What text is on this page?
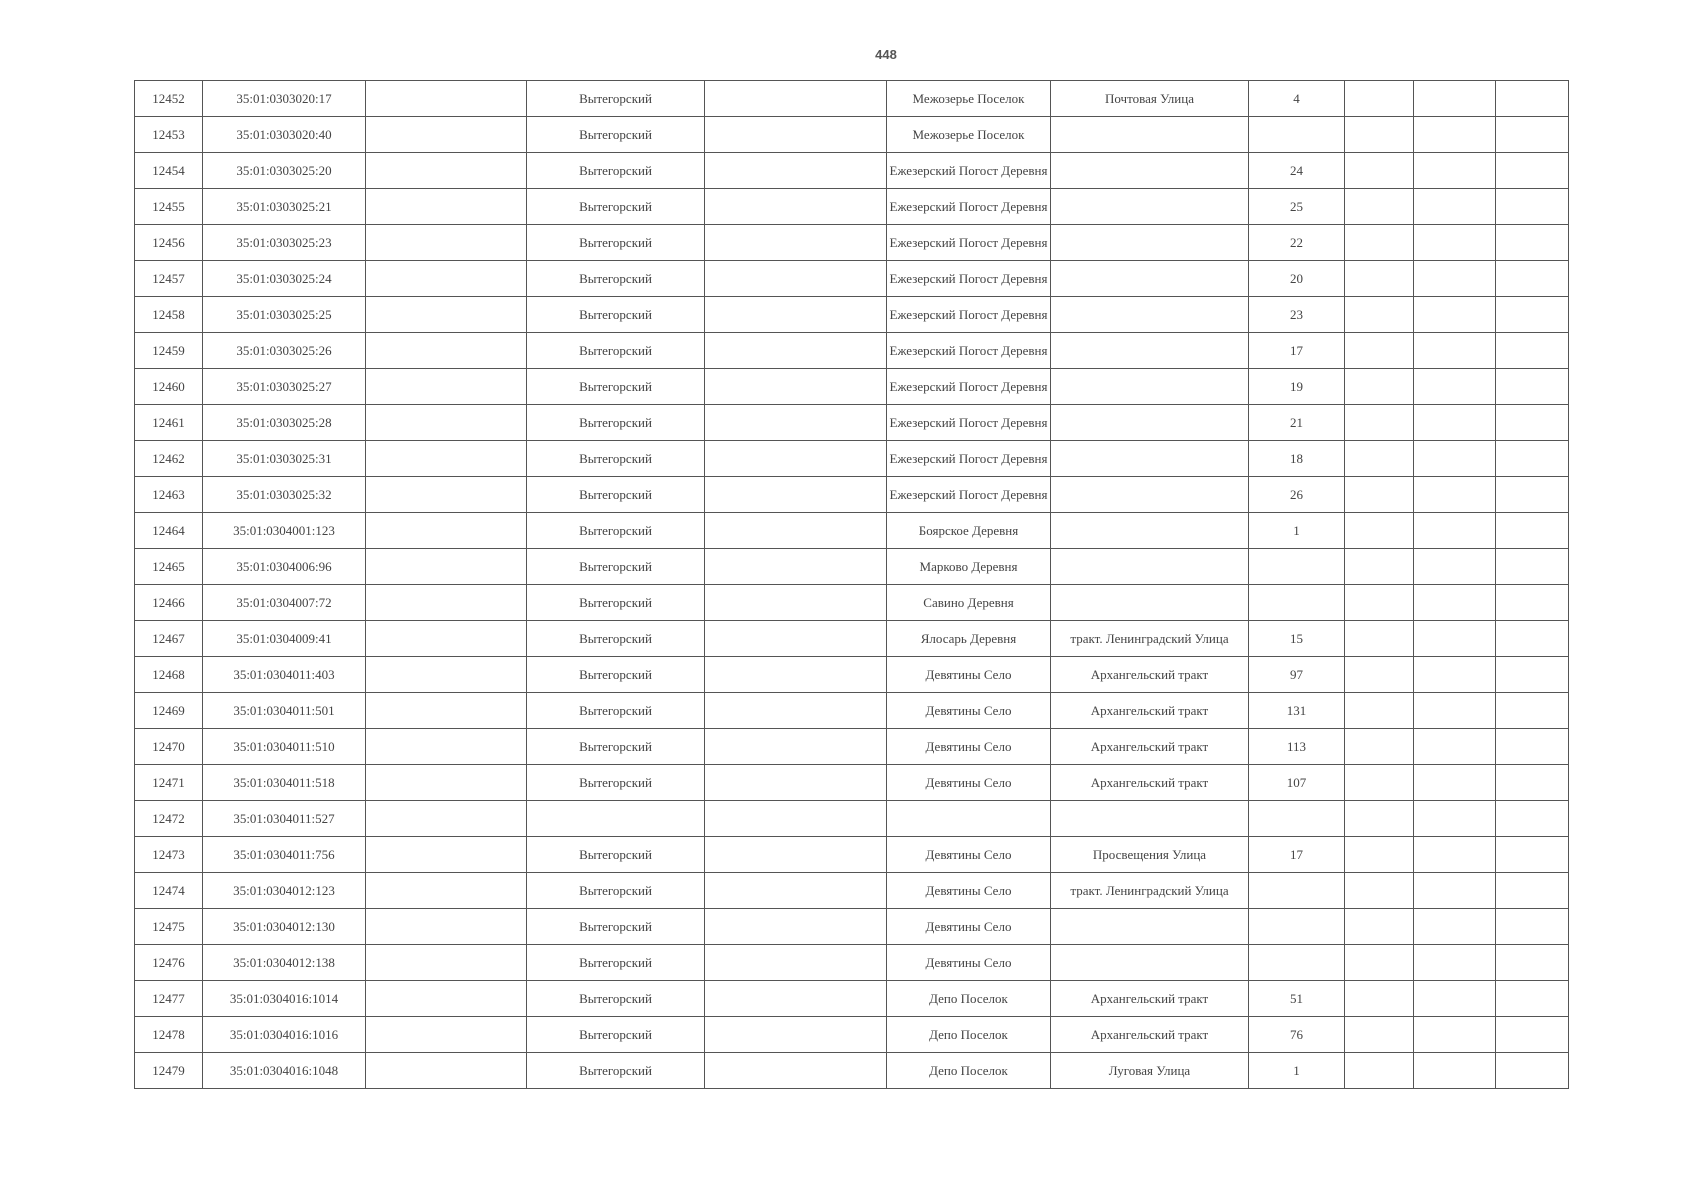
448
12452	35:01:0303020:17		Вытегорский		Межозерье Поселок	Почтовая Улица	4			
12453	35:01:0303020:40		Вытегорский		Межозерье Поселок					
12454	35:01:0303025:20		Вытегорский		Ежезерский Погост Деревня		24			
12455	35:01:0303025:21		Вытегорский		Ежезерский Погост Деревня		25			
12456	35:01:0303025:23		Вытегорский		Ежезерский Погост Деревня		22			
12457	35:01:0303025:24		Вытегорский		Ежезерский Погост Деревня		20			
12458	35:01:0303025:25		Вытегорский		Ежезерский Погост Деревня		23			
12459	35:01:0303025:26		Вытегорский		Ежезерский Погост Деревня		17			
12460	35:01:0303025:27		Вытегорский		Ежезерский Погост Деревня		19			
12461	35:01:0303025:28		Вытегорский		Ежезерский Погост Деревня		21			
12462	35:01:0303025:31		Вытегорский		Ежезерский Погост Деревня		18			
12463	35:01:0303025:32		Вытегорский		Ежезерский Погост Деревня		26			
12464	35:01:0304001:123		Вытегорский		Боярское Деревня		1			
12465	35:01:0304006:96		Вытегорский		Марково Деревня					
12466	35:01:0304007:72		Вытегорский		Савино Деревня					
12467	35:01:0304009:41		Вытегорский		Ялосарь Деревня	тракт. Ленинградский Улица	15			
12468	35:01:0304011:403		Вытегорский		Девятины Село	Архангельский тракт	97			
12469	35:01:0304011:501		Вытегорский		Девятины Село	Архангельский тракт	131			
12470	35:01:0304011:510		Вытегорский		Девятины Село	Архангельский тракт	113			
12471	35:01:0304011:518		Вытегорский		Девятины Село	Архангельский тракт	107			
12472	35:01:0304011:527									
12473	35:01:0304011:756		Вытегорский		Девятины Село	Просвещения Улица	17			
12474	35:01:0304012:123		Вытегорский		Девятины Село	тракт. Ленинградский Улица				
12475	35:01:0304012:130		Вытегорский		Девятины Село					
12476	35:01:0304012:138		Вытегорский		Девятины Село					
12477	35:01:0304016:1014		Вытегорский		Депо Поселок	Архангельский тракт	51			
12478	35:01:0304016:1016		Вытегорский		Депо Поселок	Архангельский тракт	76			
12479	35:01:0304016:1048		Вытегорский		Депо Поселок	Луговая Улица	1			
